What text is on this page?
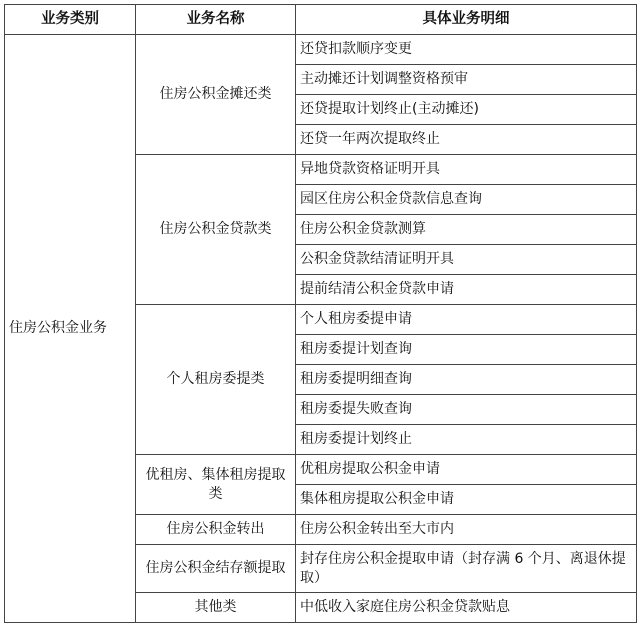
业务类别	业务名称	具体业务明细
住房公积金业务	住房公积金摊还类	还贷扣款顺序变更
		主动摊还计划调整资格预审
		还贷提取计划终止(主动摊还)
		还贷一年两次提取终止
	住房公积金贷款类	异地贷款资格证明开具
		园区住房公积金贷款信息查询
		住房公积金贷款测算
		公积金贷款结清证明开具
		提前结清公积金贷款申请
	个人租房委提类	个人租房委提申请
		租房委提计划查询
		租房委提明细查询
		租房委提失败查询
		租房委提计划终止
	优租房、集体租房提取类	优租房提取公积金申请
		集体租房提取公积金申请
	住房公积金转出	住房公积金转出至大市内
	住房公积金结存额提取	封存住房公积金提取申请（封存满 6 个月、离退休提取）
	其他类	中低收入家庭住房公积金贷款贴息
